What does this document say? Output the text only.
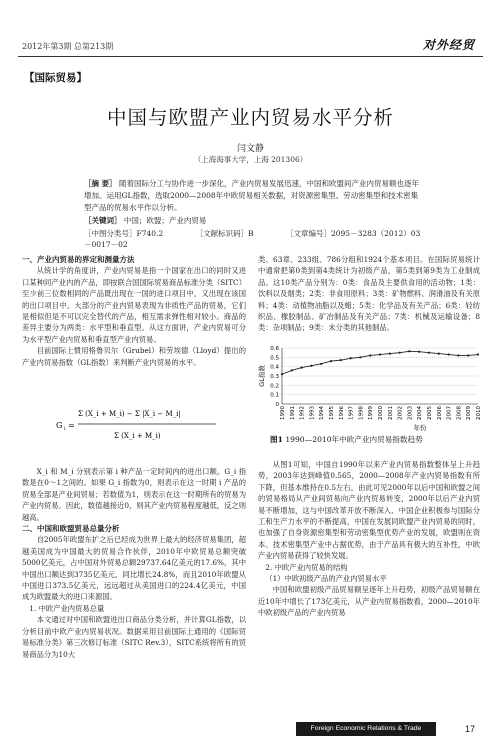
2012年第3期 总第213期	对外经贸
【国际贸易】
中国与欧盟产业内贸易水平分析
闫文静
（上海海事大学，上海 201306）
［摘 要］ 随着国际分工与协作进一步深化，产业内贸易发展迅速，中国和欧盟间产业内贸易额也逐年增加。运用GL指数，选取2000—2008年中欧贸易相关数据，对资源密集型、劳动密集型和技术密集型产品的贸易水平作以分析。
［关键词］ 中国；欧盟；产业内贸易
［中图分类号］F740.2	［文献标识码］B	［文章编号］2095－3283（2012）03－0017－02
一、产业内贸易的界定和测量方法

从统计学的角度讲，产业内贸易是指一个国家在出口的同时又进口某种同产业内的产品，即按联合国国际贸易商品标准分类（SITC）至少前三位数相同的产品既出现在一国的进口项目中，又出现在该国的出口项目中。大部分的产业内贸易表现为非质性产品的贸易，它们是相似但是不可以完全替代的产品，相互需求弹性相对较小。商品的差异主要分为两类：水平型和垂直型。从这方面讲，产业内贸易可分为水平型产业内贸易和垂直型产业内贸易。

目前国际上惯用格鲁贝尔（Grubel）和劳埃德（Lloyd）提出的产业内贸易指数（GL指数）来判断产业内贸易的水平。

G i =
Σ (X_i + M_i) − Σ |X_i − M_i|
Σ (X_i + M_i)

X_i 和 M_i 分别表示第 i 种产品一定时间内的进出口额。G_i 指数是在0～1之间的。如果 G_i 指数为0，则表示在这一时期 i 产品的贸易全部是产业间贸易；若数值为1，则表示在这一时期所有的贸易为产业内贸易。因此，数值越接近0，则其产业内贸易程度越低，反之则越高。

二、中国和欧盟贸易总量分析

自2005年欧盟东扩之后已经成为世界上最大的经济贸易集团，超越美国成为中国最大的贸易合作伙伴，2010年中欧贸易总额突破5000亿美元，占中国对外贸易总额29737.64亿美元的17.6%，其中中国出口额达到3735亿美元，同比增长24.8%，而且2010年欧盟从中国进口373.5亿美元，远远超过从美国进口的224.4亿美元，中国成为欧盟最大的进口来源国。

1. 中欧产业内贸易总量

本文通过对中国和欧盟进出口商品分类分析，并计算GL指数，以分析目前中欧产业内贸易状况。数据采用目前国际上通用的《国际贸易标准分类》第三次修订标准（SITC Rev.3），SITC系统将所有的贸易商品分为10大

类、63章、233组、786分组和1924个基本项目。在国际贸易统计中通常把第0类到第4类统计为初级产品，第5类到第9类为工业制成品。这10类产品分别为：0类：食品及主要供食用的活动物；1类：饮料以及烟类；2类：非食用原料；3类：矿物燃料、润滑油及有关原料；4类：动植物油脂以及蜡；5类：化学品及有关产品；6类：轻纺织品、橡胶制品、矿冶制品及有关产品；7类：机械及运输设备；8类：杂项制品；9类：未分类的其他制品。

0
0.1
0.2
0.3
0.4
0.5
0.6
1990 1991 1992 1993 1994 1995 1996 1997 1998 1999 2000 2001 2002 2003 2004 2005 2006 2007 2008 2009 2010
GL指数
年份
图1 1990—2010年中欧产业内贸易指数趋势

从图1可知，中国自1990年以来产业内贸易指数整体呈上升趋势，2003年达到峰值0.565，2000—2008年产业内贸易指数有所下降，但基本维持在0.5左右，由此可见2000年以后中国和欧盟之间的贸易格局从产业间贸易向产业内贸易转变，2000年以后产业内贸易不断增加，这与中国改革开放不断深入、中国企业积极参与国际分工和生产力水平的不断提高，中国在发展同欧盟产业内贸易的同时，也加强了自身资源密集型和劳动密集型优势产业的发展，欧盟则在资本、技术密集型产业中占据优势，由于产品具有极大的互补性，中欧产业内贸易获得了较快发展。

2. 中欧产业内贸易的结构

（1）中欧初级产品的产业内贸易水平

中国和欧盟初级产品贸易额呈逐年上升趋势，初级产品贸易额在近10年中增长了173亿美元，从产业内贸易指数看，2000—2010年中欧初级产品的产业内贸易

Foreign Economic Relations & Trade	17
